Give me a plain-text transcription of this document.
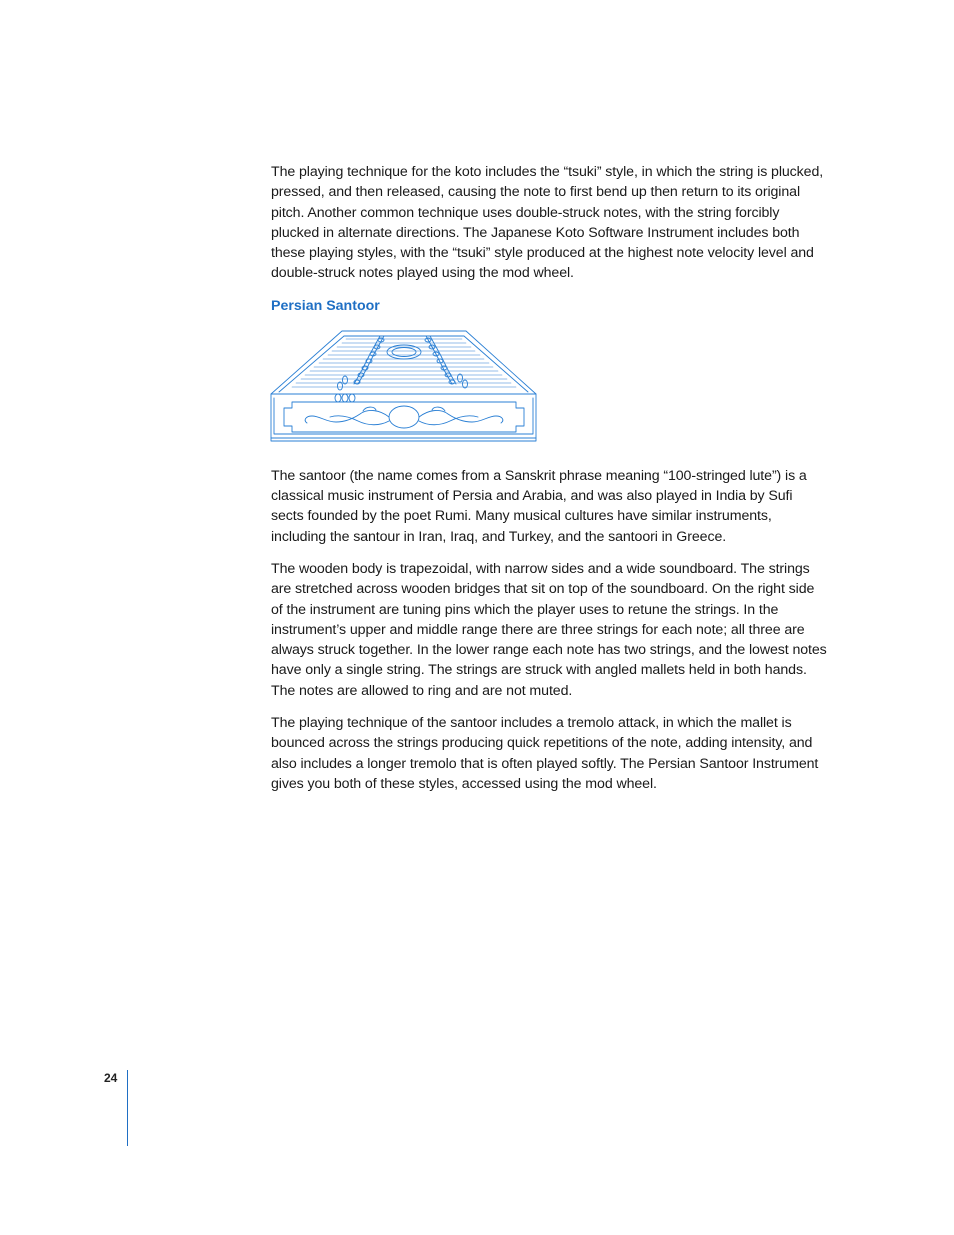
The playing technique for the koto includes the “tsuki” style, in which the string is plucked, pressed, and then released, causing the note to first bend up then return to its original pitch. Another common technique uses double-struck notes, with the string forcibly plucked in alternate directions. The Japanese Koto Software Instrument includes both these playing styles, with the “tsuki” style produced at the highest note velocity level and double-struck notes played using the mod wheel.

Persian Santoor

The santoor (the name comes from a Sanskrit phrase meaning “100-stringed lute”) is a classical music instrument of Persia and Arabia, and was also played in India by Sufi sects founded by the poet Rumi. Many musical cultures have similar instruments, including the santour in Iran, Iraq, and Turkey, and the santoori in Greece.

The wooden body is trapezoidal, with narrow sides and a wide soundboard. The strings are stretched across wooden bridges that sit on top of the soundboard. On the right side of the instrument are tuning pins which the player uses to retune the strings. In the instrument’s upper and middle range there are three strings for each note; all three are always struck together. In the lower range each note has two strings, and the lowest notes have only a single string. The strings are struck with angled mallets held in both hands. The notes are allowed to ring and are not muted.

The playing technique of the santoor includes a tremolo attack, in which the mallet is bounced across the strings producing quick repetitions of the note, adding intensity, and also includes a longer tremolo that is often played softly. The Persian Santoor Instrument gives you both of these styles, accessed using the mod wheel.

24
